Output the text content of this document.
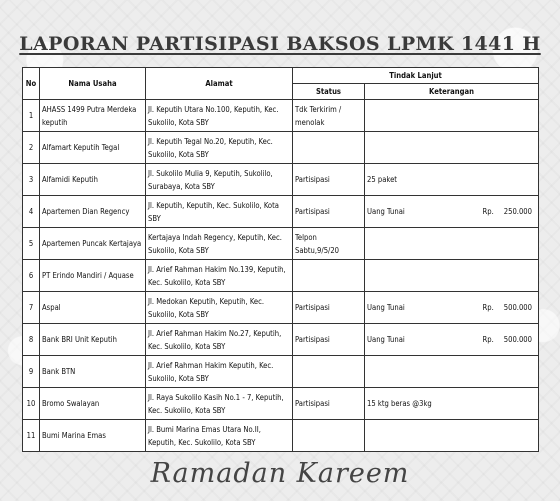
LAPORAN PARTISIPASI BAKSOS LPMK 1441 H
No	Nama Usaha	Alamat	Tindak Lanjut	
			Status	Keterangan
1	AHASS 1499 Putra Merdeka keputih	Jl. Keputih Utara No.100, Keputih, Kec. Sukolilo, Kota SBY	Tdk Terkirim / menolak	

2	Alfamart Keputih Tegal	Jl. Keputih Tegal No.20, Keputih, Kec. Sukolilo, Kota SBY		

3	Alfamidi Keputih	Jl. Sukolilo Mulia 9, Keputih, Sukolilo, Surabaya, Kota SBY	Partisipasi	25 paket

4	Apartemen Dian Regency	Jl. Keputih, Keputih, Kec. Sukolilo, Kota SBY	Partisipasi	Uang Tunai Rp. 250.000

5	Apartemen Puncak Kertajaya	Kertajaya Indah Regency, Keputih, Kec. Sukolilo, Kota SBY	Telpon Sabtu,9/5/20	

6	PT Erindo Mandiri / Aquase	Jl. Arief Rahman Hakim No.139, Keputih, Kec. Sukolilo, Kota SBY		

7	Aspal	Jl. Medokan Keputih, Keputih, Kec. Sukolilo, Kota SBY	Partisipasi	Uang Tunai Rp. 500.000

8	Bank BRI Unit Keputih	Jl. Arief Rahman Hakim No.27, Keputih, Kec. Sukolilo, Kota SBY	Partisipasi	Uang Tunai Rp. 500.000

9	Bank BTN	Jl. Arief Rahman Hakim Keputih, Kec. Sukolilo, Kota SBY		

10	Bromo Swalayan	Jl. Raya Sukolilo Kasih No.1 - 7, Keputih, Kec. Sukolilo, Kota SBY	Partisipasi	15 ktg beras @3kg

11	Bumi Marina Emas	Jl. Bumi Marina Emas Utara No.II, Keputih, Kec. Sukolilo, Kota SBY		
Ramadan Kareem
